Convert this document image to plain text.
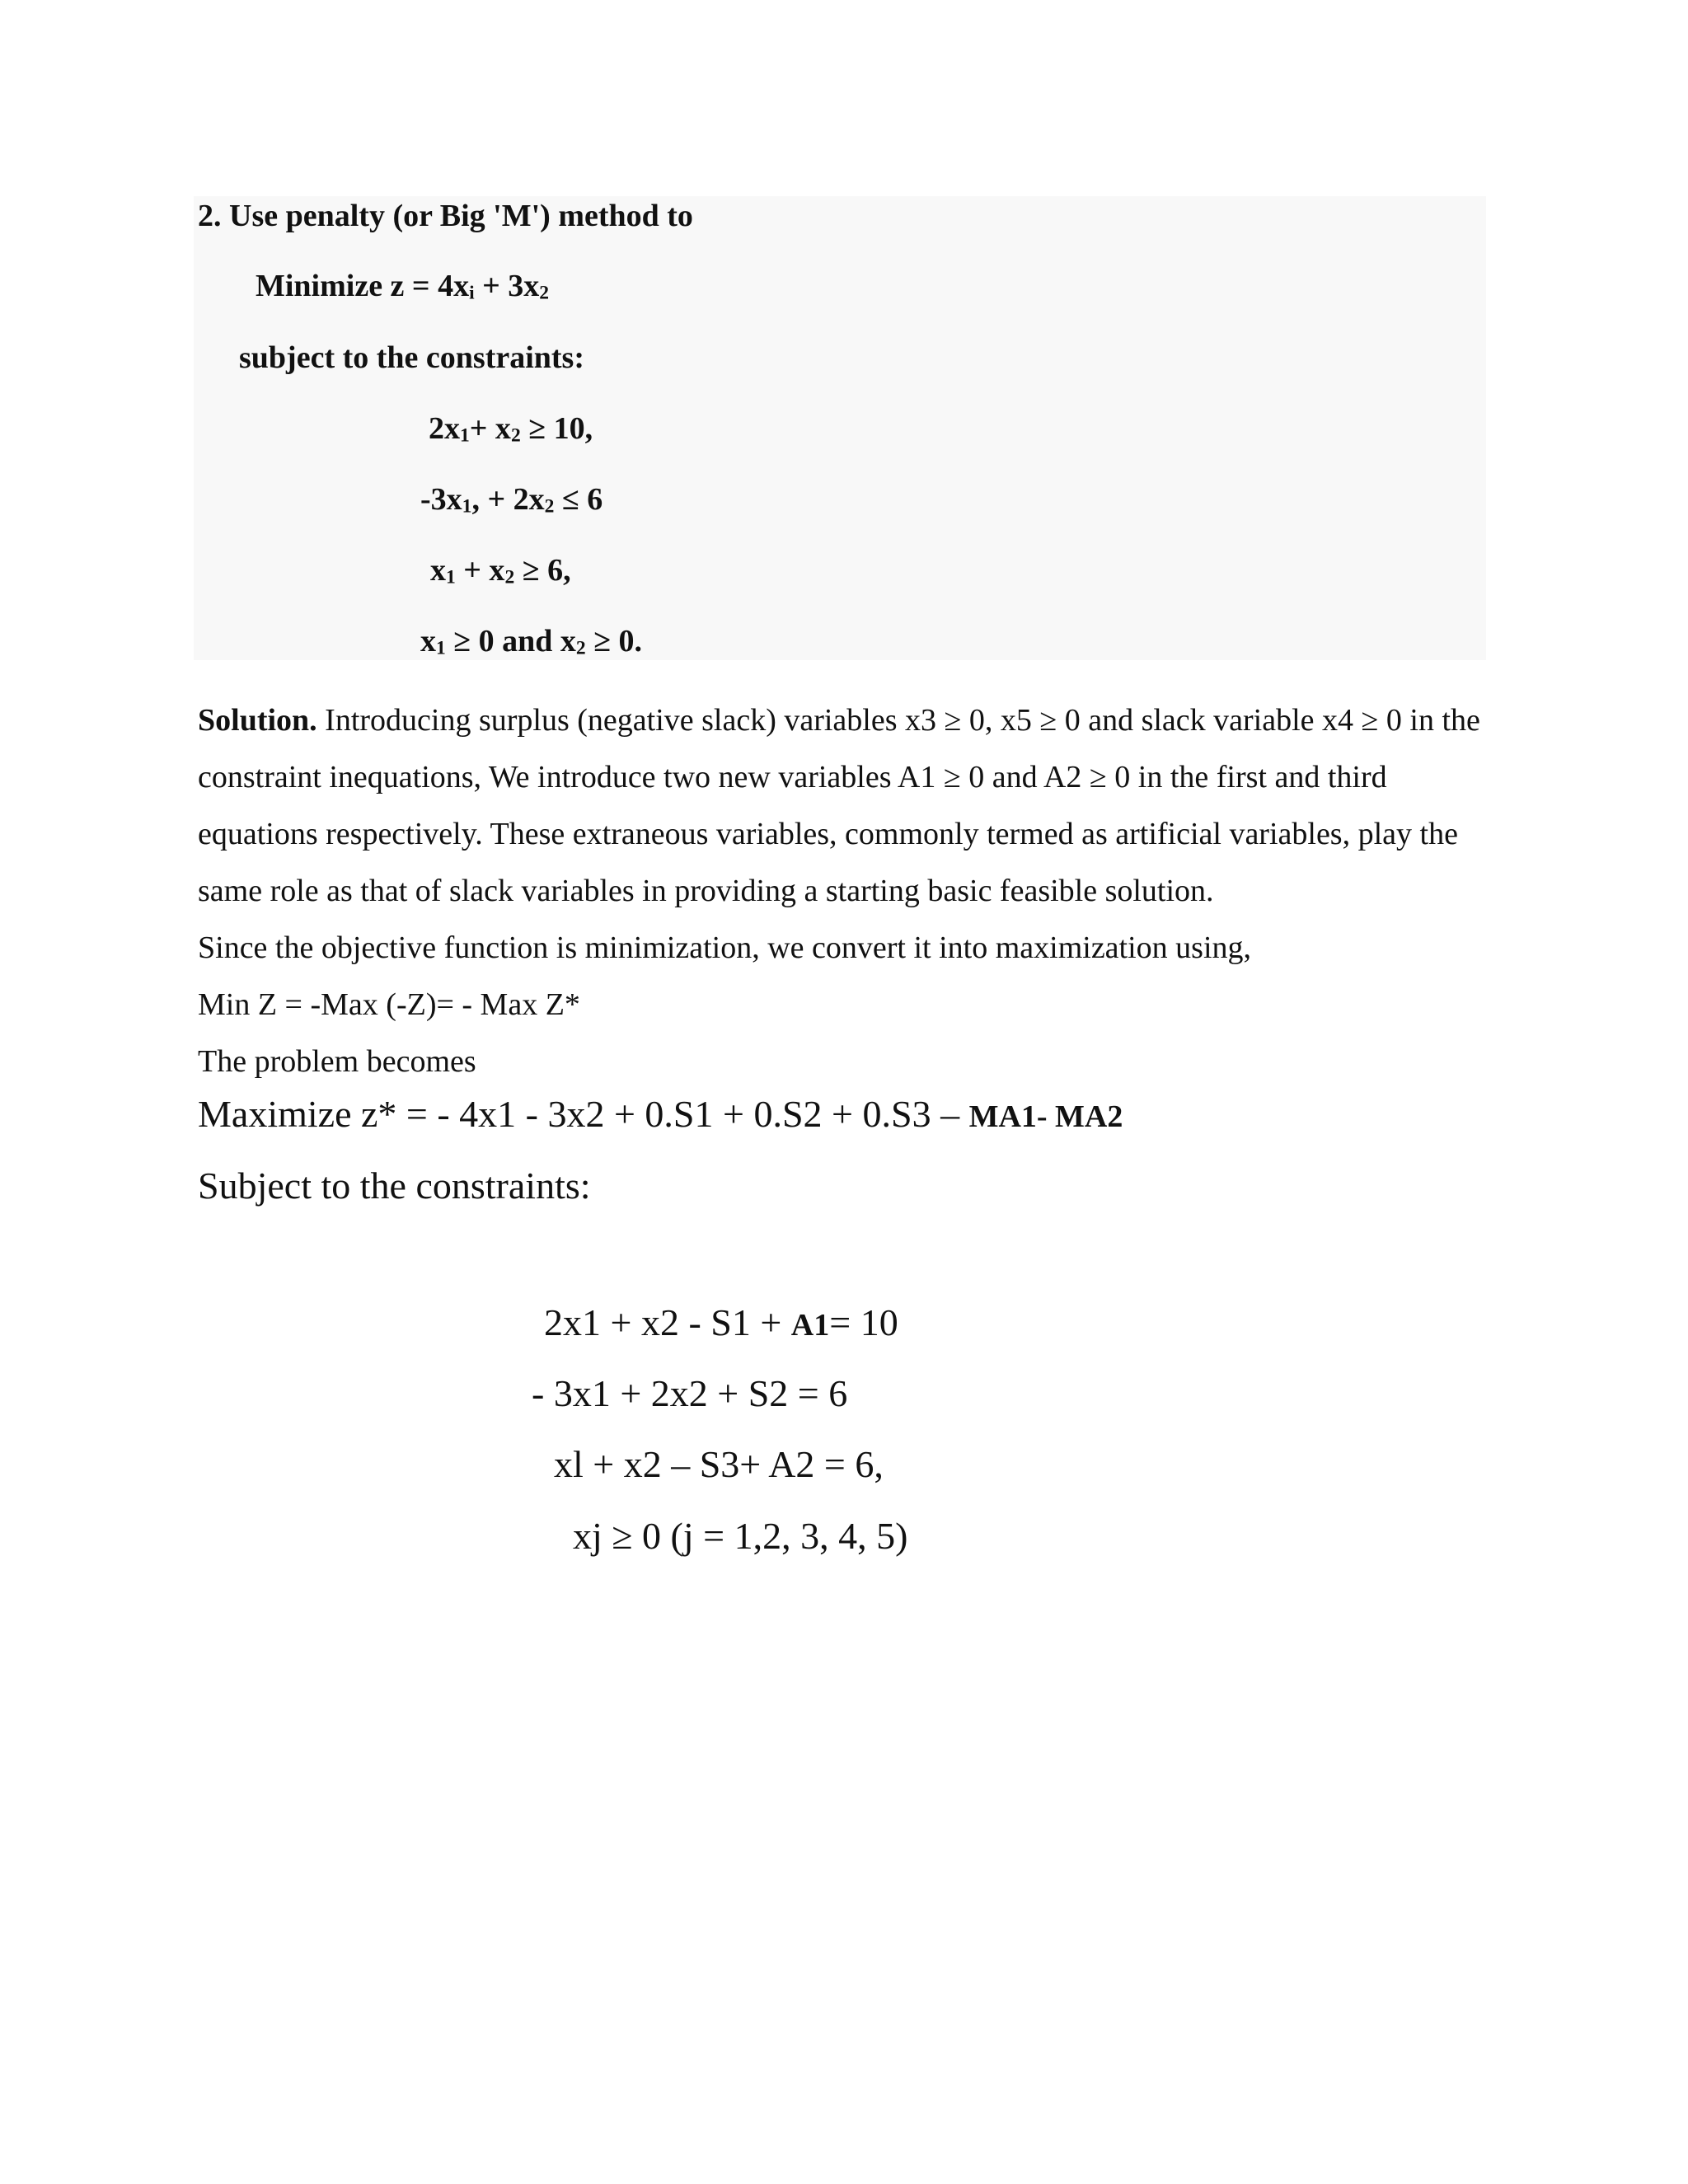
2. Use penalty (or Big 'M') method to
Minimize $z = 4x_i + 3x_2$
subject to the constraints:
$2x_1+ x_2 \ge 10$,
$-3x_1$, + $2x_2 \le 6$
$x_1 + x_2 \ge 6$,
$x_1 \ge 0$ and $x_2 \ge 0$.

Solution. Introducing surplus (negative slack) variables x3 ≥ 0, x5 ≥ 0 and slack variable x4 ≥ 0 in the constraint inequations, We introduce two new variables A1 ≥ 0 and A2 ≥ 0 in the first and third equations respectively. These extraneous variables, commonly termed as artificial variables, play the same role as that of slack variables in providing a starting basic feasible solution.

Since the objective function is minimization, we convert it into maximization using,

Min Z = -Max (-Z)= - Max Z*

The problem becomes

Maximize z* = - 4x1 - 3x2 + 0.S1 + 0.S2 + 0.S3 – MA1- MA2
Subject to the constraints:
2x1 + x2 - S1 + A1= 10
- 3x1 + 2x2 + S2 = 6
xl + x2 – S3+ A2 = 6,
xj ≥ 0 (j = 1,2, 3, 4, 5)
